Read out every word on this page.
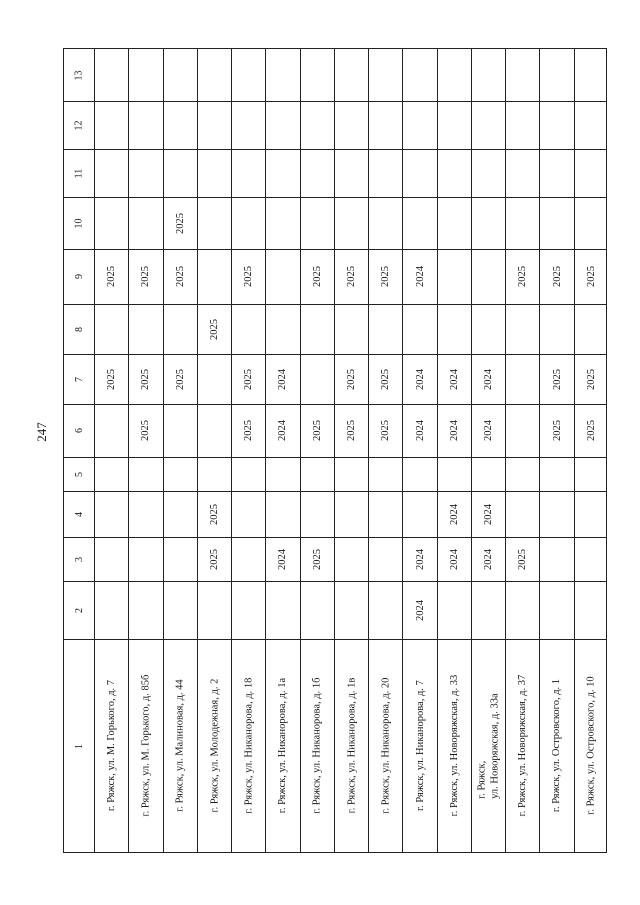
247
1
2
3
4
5
6
7
8
9
10
11
12
13
г. Ряжск, ул. М. Горького, д. 7
2025
2025
г. Ряжск, ул. М. Горького, д. 85б
2025
2025
2025
г. Ряжск, ул. Малиновая, д. 44
2025
2025
2025
г. Ряжск, ул. Молодежная, д. 2
2025
2025
2025
г. Ряжск, ул. Никанорова, д. 18
2025
2025
2025
г. Ряжск, ул. Никанорова, д. 1а
2024
2024
2024
г. Ряжск, ул. Никанорова, д. 1б
2025
2025
2025
г. Ряжск, ул. Никанорова, д. 1в
2025
2025
2025
г. Ряжск, ул. Никанорова, д. 20
2025
2025
2025
г. Ряжск, ул. Никанорова, д. 7
2024
2024
2024
2024
2024
г. Ряжск, ул. Новоряжская, д. 33
2024
2024
2024
2024
г. Ряжск, ул. Новоряжская, д. 33а
2024
2024
2024
2024
г. Ряжск, ул. Новоряжская, д. 37
2025
2025
г. Ряжск, ул. Островского, д. 1
2025
2025
2025
г. Ряжск, ул. Островского, д. 10
2025
2025
2025
